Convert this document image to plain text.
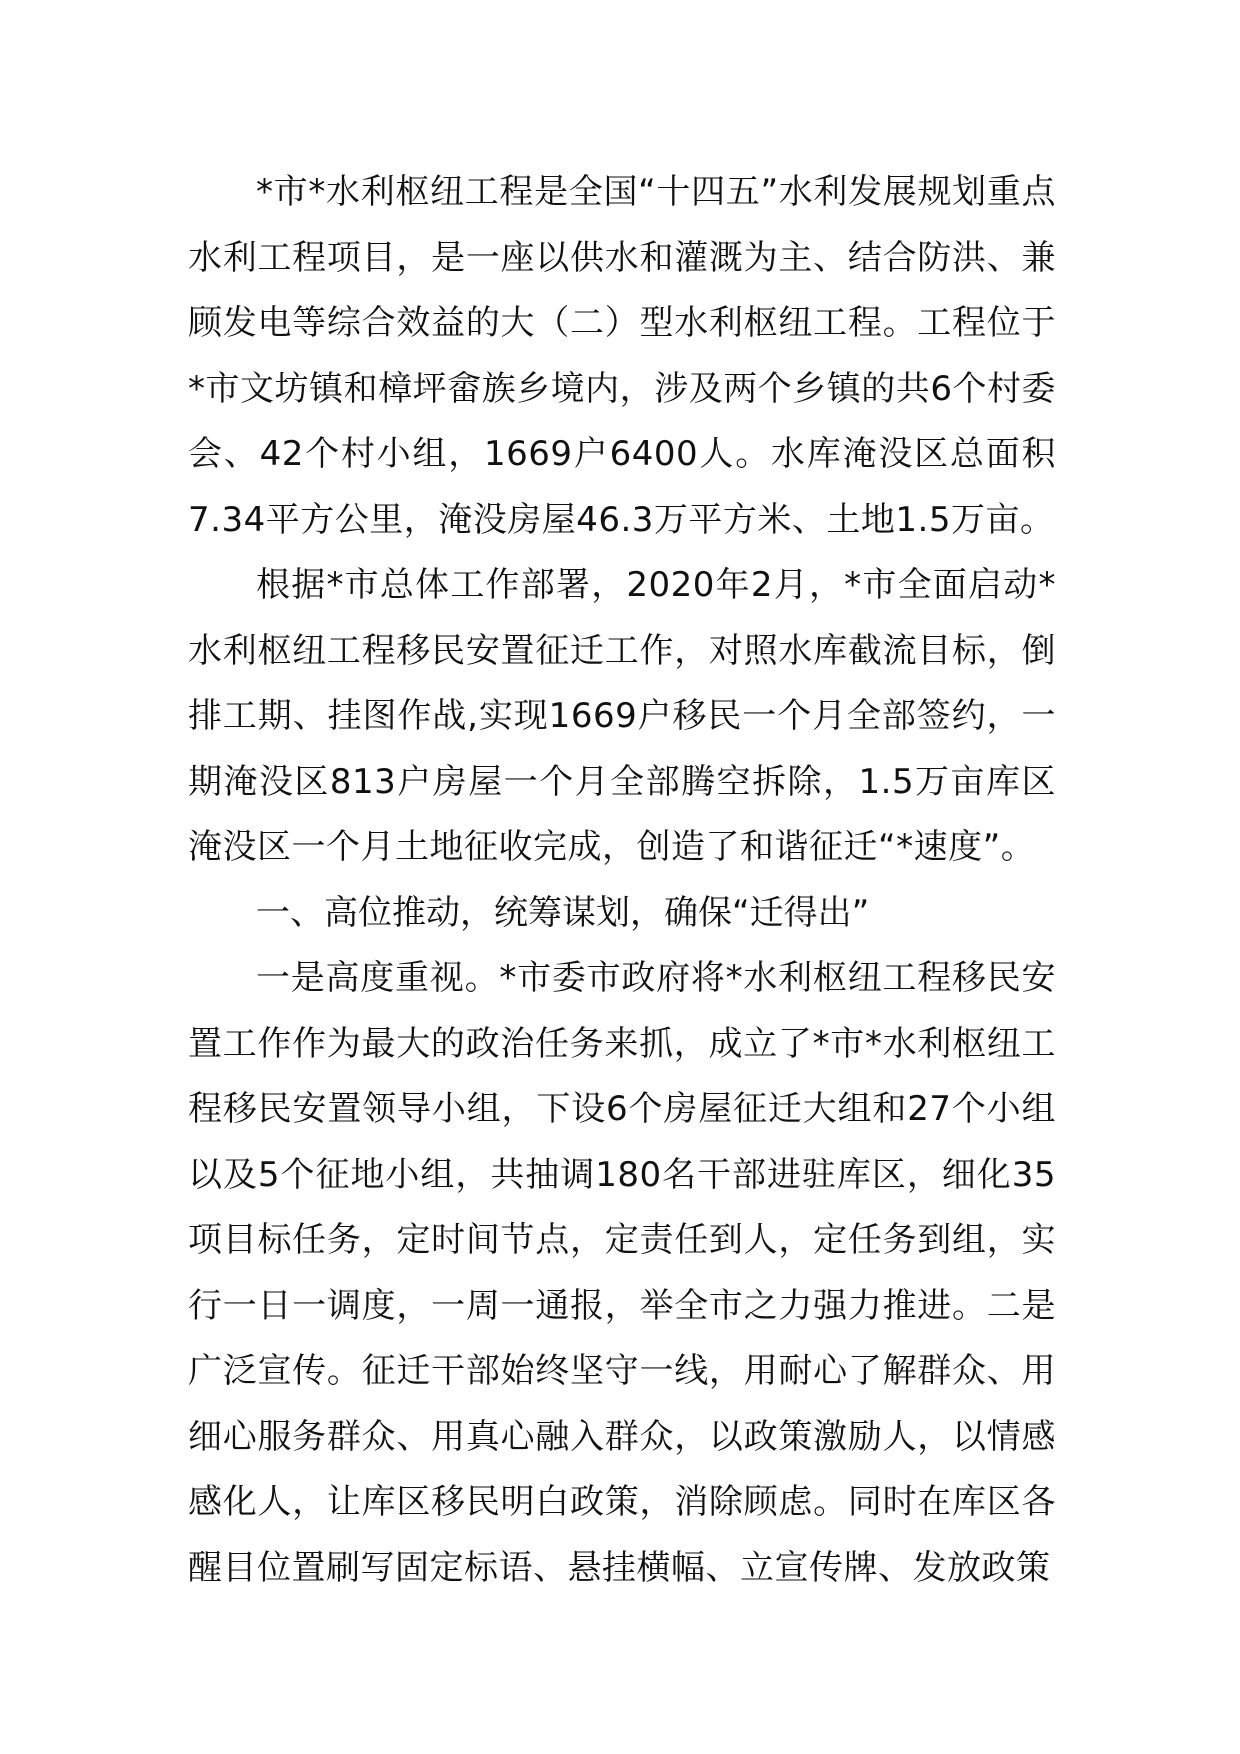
*市*水利枢纽工程是全国“十四五”水利发展规划重点水利工程项目，是一座以供水和灌溉为主、结合防洪、兼顾发电等综合效益的大（二）型水利枢纽工程。工程位于*市文坊镇和樟坪畲族乡境内，涉及两个乡镇的共6个村委会、42个村小组，1669户6400人。水库淹没区总面积7.34平方公里，淹没房屋46.3万平方米、土地1.5万亩。

根据*市总体工作部署，2020年2月，*市全面启动*水利枢纽工程移民安置征迁工作，对照水库截流目标，倒排工期、挂图作战,实现1669户移民一个月全部签约，一期淹没区813户房屋一个月全部腾空拆除，1.5万亩库区淹没区一个月土地征收完成，创造了和谐征迁“*速度”。

一、高位推动，统筹谋划，确保“迁得出”

一是高度重视。*市委市政府将*水利枢纽工程移民安置工作作为最大的政治任务来抓，成立了*市*水利枢纽工程移民安置领导小组，下设6个房屋征迁大组和27个小组以及5个征地小组，共抽调180名干部进驻库区，细化35项目标任务，定时间节点，定责任到人，定任务到组，实行一日一调度，一周一通报，举全市之力强力推进。二是广泛宣传。征迁干部始终坚守一线，用耐心了解群众、用细心服务群众、用真心融入群众，以政策激励人，以情感感化人，让库区移民明白政策，消除顾虑。同时在库区各醒目位置刷写固定标语、悬挂横幅、立宣传牌、发放政策
